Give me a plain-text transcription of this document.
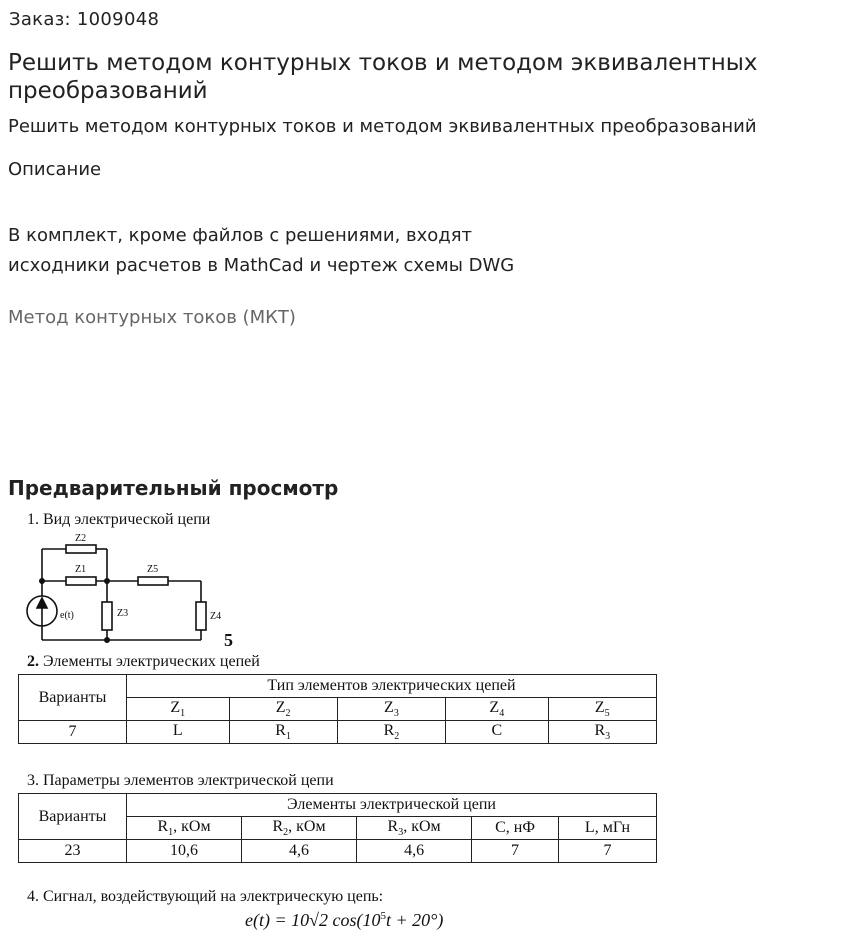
Заказ: 1009048
Решить методом контурных токов и методом эквивалентных преобразований
Решить методом контурных токов и методом эквивалентных преобразований
Описание
В комплект, кроме файлов с решениями, входят
исходники расчетов в MathCad и чертеж схемы DWG
Метод контурных токов (МКТ)
Предварительный просмотр
1. Вид электрической цепи
Z2
Z1	Z5
Z3	Z4
e(t)
5
2. Элементы электрических цепей
Варианты	Тип элементов электрических цепей				
	$Z_1$	$Z_2$	$Z_3$	$Z_4$	$Z_5$
7	L	$R_1$	$R_2$	C	$R_3$
3. Параметры элементов электрической цепи
Варианты	Элементы электрической цепи				
	$R_1$, кОм	$R_2$, кОм	$R_3$, кОм	C, нФ	L, мГн
23	10,6	4,6	4,6	7	7
4. Сигнал, воздействующий на электрическую цепь:
e(t) = 10√2 $\cos(10^5t + 20^\circ)$
